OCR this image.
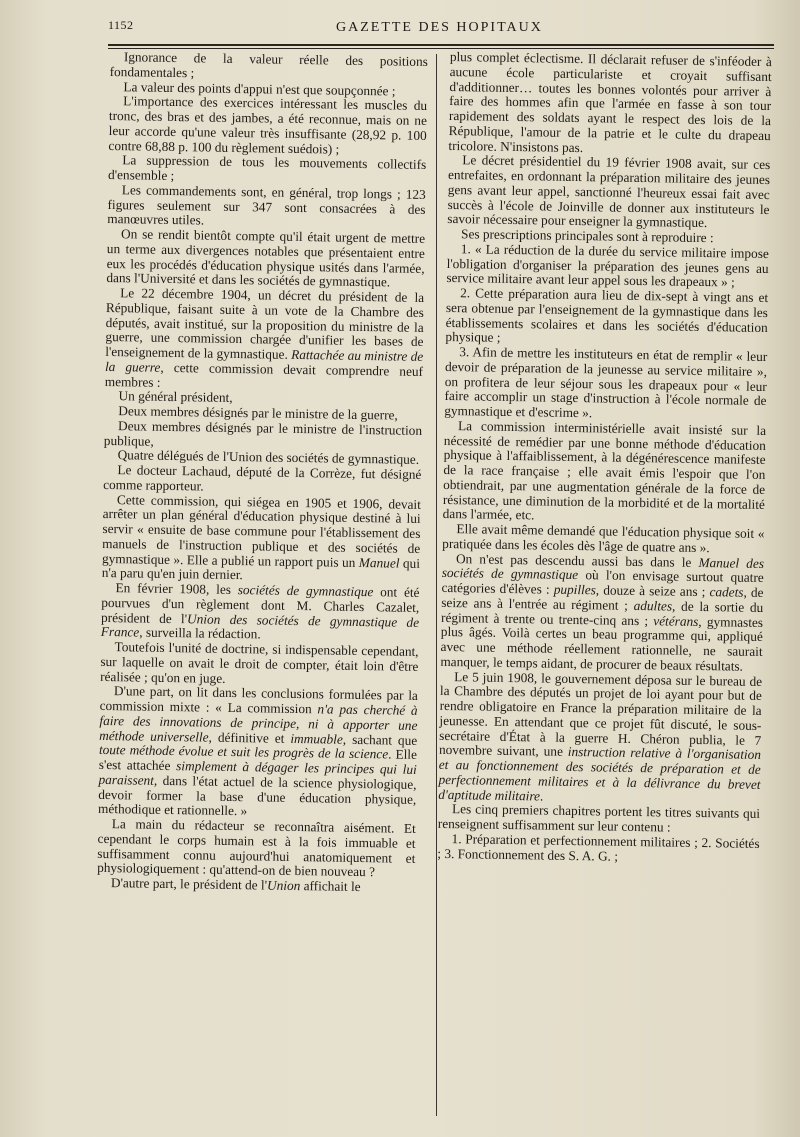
1152	GAZETTE DES HOPITAUX

Ignorance de la valeur réelle des positions fondamentales ;

La valeur des points d'appui n'est que soupçonnée ;

L'importance des exercices intéressant les muscles du tronc, des bras et des jambes, a été reconnue, mais on ne leur accorde qu'une valeur très insuffisante (28,92 p. 100 contre 68,88 p. 100 du règlement suédois) ;

La suppression de tous les mouvements collectifs d'ensemble ;

Les commandements sont, en général, trop longs ; 123 figures seulement sur 347 sont consacrées à des manœuvres utiles.

On se rendit bientôt compte qu'il était urgent de mettre un terme aux divergences notables que présentaient entre eux les procédés d'éducation physique usités dans l'armée, dans l'Université et dans les sociétés de gymnastique.

Le 22 décembre 1904, un décret du président de la République, faisant suite à un vote de la Chambre des députés, avait institué, sur la proposition du ministre de la guerre, une commission chargée d'unifier les bases de l'enseignement de la gymnastique. Rattachée au ministre de la guerre, cette commission devait comprendre neuf membres :

Un général président,

Deux membres désignés par le ministre de la guerre,

Deux membres désignés par le ministre de l'instruction publique,

Quatre délégués de l'Union des sociétés de gymnastique.

Le docteur Lachaud, député de la Corrèze, fut désigné comme rapporteur.

Cette commission, qui siégea en 1905 et 1906, devait arrêter un plan général d'éducation physique destiné à lui servir « ensuite de base commune pour l'établissement des manuels de l'instruction publique et des sociétés de gymnastique ». Elle a publié un rapport puis un Manuel qui n'a paru qu'en juin dernier.

En février 1908, les sociétés de gymnastique ont été pourvues d'un règlement dont M. Charles Cazalet, président de l'Union des sociétés de gymnastique de France, surveilla la rédaction.

Toutefois l'unité de doctrine, si indispensable cependant, sur laquelle on avait le droit de compter, était loin d'être réalisée ; qu'on en juge.

D'une part, on lit dans les conclusions formulées par la commission mixte : « La commission n'a pas cherché à faire des innovations de principe, ni à apporter une méthode universelle, définitive et immuable, sachant que toute méthode évolue et suit les progrès de la science. Elle s'est attachée simplement à dégager les principes qui lui paraissent, dans l'état actuel de la science physiologique, devoir former la base d'une éducation physique, méthodique et rationnelle. »

La main du rédacteur se reconnaîtra aisément. Et cependant le corps humain est à la fois immuable et suffisamment connu aujourd'hui anatomiquement et physiologiquement : qu'attend-on de bien nouveau ?

D'autre part, le président de l'Union affichait le

plus complet éclectisme. Il déclarait refuser de s'inféoder à aucune école particulariste et croyait suffisant d'additionner… toutes les bonnes volontés pour arriver à faire des hommes afin que l'armée en fasse à son tour rapidement des soldats ayant le respect des lois de la République, l'amour de la patrie et le culte du drapeau tricolore. N'insistons pas.

Le décret présidentiel du 19 février 1908 avait, sur ces entrefaites, en ordonnant la préparation militaire des jeunes gens avant leur appel, sanctionné l'heureux essai fait avec succès à l'école de Joinville de donner aux instituteurs le savoir nécessaire pour enseigner la gymnastique.

Ses prescriptions principales sont à reproduire :

1. « La réduction de la durée du service militaire impose l'obligation d'organiser la préparation des jeunes gens au service militaire avant leur appel sous les drapeaux » ;

2. Cette préparation aura lieu de dix-sept à vingt ans et sera obtenue par l'enseignement de la gymnastique dans les établissements scolaires et dans les sociétés d'éducation physique ;

3. Afin de mettre les instituteurs en état de remplir « leur devoir de préparation de la jeunesse au service militaire », on profitera de leur séjour sous les drapeaux pour « leur faire accomplir un stage d'instruction à l'école normale de gymnastique et d'escrime ».

La commission interministérielle avait insisté sur la nécessité de remédier par une bonne méthode d'éducation physique à l'affaiblissement, à la dégénérescence manifeste de la race française ; elle avait émis l'espoir que l'on obtiendrait, par une augmentation générale de la force de résistance, une diminution de la morbidité et de la mortalité dans l'armée, etc.

Elle avait même demandé que l'éducation physique soit « pratiquée dans les écoles dès l'âge de quatre ans ».

On n'est pas descendu aussi bas dans le Manuel des sociétés de gymnastique où l'on envisage surtout quatre catégories d'élèves : pupilles, douze à seize ans ; cadets, de seize ans à l'entrée au régiment ; adultes, de la sortie du régiment à trente ou trente-cinq ans ; vétérans, gymnastes plus âgés. Voilà certes un beau programme qui, appliqué avec une méthode réellement rationnelle, ne saurait manquer, le temps aidant, de procurer de beaux résultats.

Le 5 juin 1908, le gouvernement déposa sur le bureau de la Chambre des députés un projet de loi ayant pour but de rendre obligatoire en France la préparation militaire de la jeunesse. En attendant que ce projet fût discuté, le sous-secrétaire d'État à la guerre H. Chéron publia, le 7 novembre suivant, une instruction relative à l'organisation et au fonctionnement des sociétés de préparation et de perfectionnement militaires et à la délivrance du brevet d'aptitude militaire.

Les cinq premiers chapitres portent les titres suivants qui renseignent suffisamment sur leur contenu :

1. Préparation et perfectionnement militaires ; 2. Sociétés ; 3. Fonctionnement des S. A. G. ;
